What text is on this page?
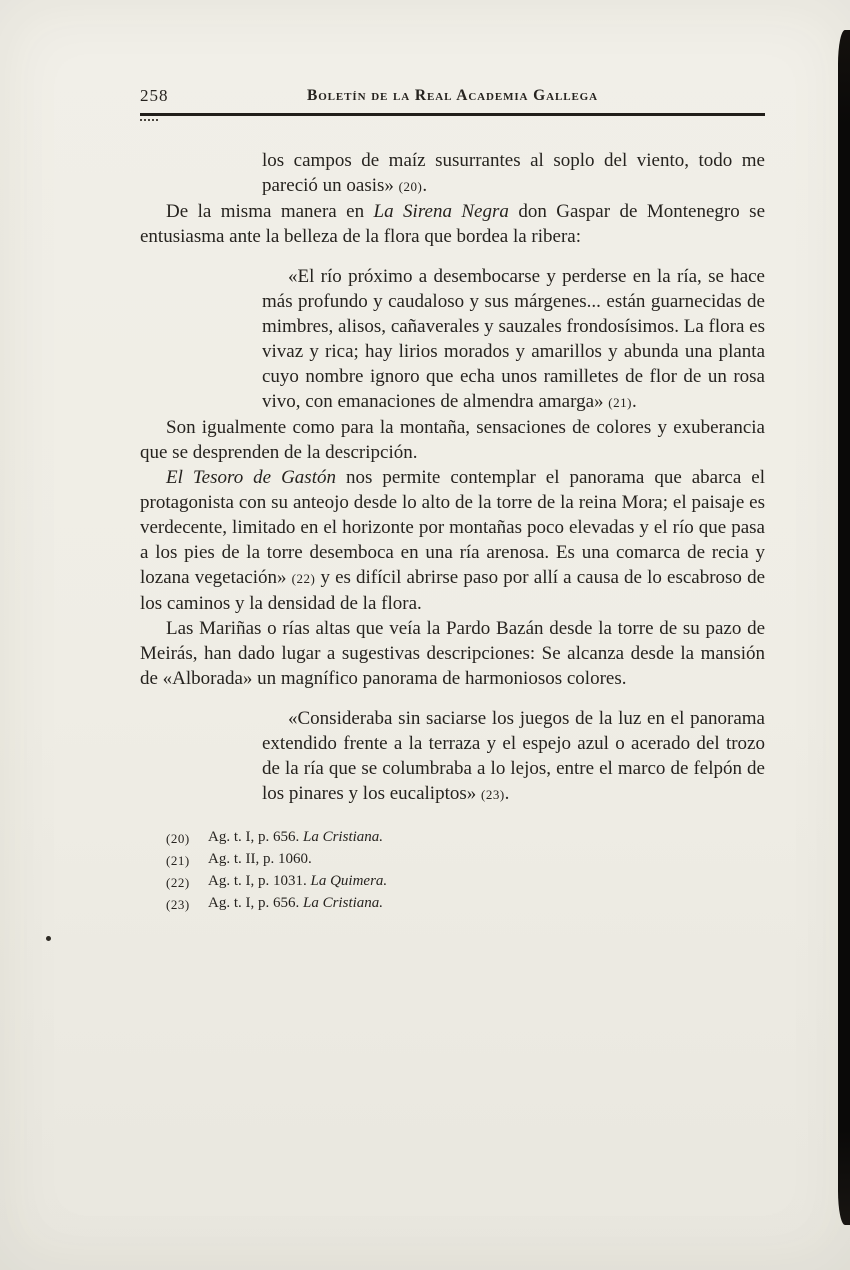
258	Boletín de la Real Academia Gallega
los campos de maíz susurrantes al soplo del viento, todo me pareció un oasis» (20).

De la misma manera en La Sirena Negra don Gaspar de Montenegro se entusiasma ante la belleza de la flora que bordea la ribera:

«El río próximo a desembocarse y perderse en la ría, se hace más profundo y caudaloso y sus márgenes... están guarnecidas de mimbres, alisos, cañaverales y sauzales frondosísimos. La flora es vivaz y rica; hay lirios morados y amarillos y abunda una planta cuyo nombre ignoro que echa unos ramilletes de flor de un rosa vivo, con emanaciones de almendra amarga» (21).

Son igualmente como para la montaña, sensaciones de colores y exuberancia que se desprenden de la descripción.

El Tesoro de Gastón nos permite contemplar el panorama que abarca el protagonista con su anteojo desde lo alto de la torre de la reina Mora; el paisaje es verdecente, limitado en el horizonte por montañas poco elevadas y el río que pasa a los pies de la torre desemboca en una ría arenosa. Es una comarca de recia y lozana vegetación» (22) y es difícil abrirse paso por allí a causa de lo escabroso de los caminos y la densidad de la flora.

Las Mariñas o rías altas que veía la Pardo Bazán desde la torre de su pazo de Meirás, han dado lugar a sugestivas descripciones: Se alcanza desde la mansión de «Alborada» un magnífico panorama de harmoniosos colores.

«Consideraba sin saciarse los juegos de la luz en el panorama extendido frente a la terraza y el espejo azul o acerado del trozo de la ría que se columbraba a lo lejos, entre el marco de felpón de los pinares y los eucaliptos» (23).
(20)	Ag. t. I, p. 656. La Cristiana.
(21)	Ag. t. II, p. 1060.
(22)	Ag. t. I, p. 1031. La Quimera.
(23)	Ag. t. I, p. 656. La Cristiana.
